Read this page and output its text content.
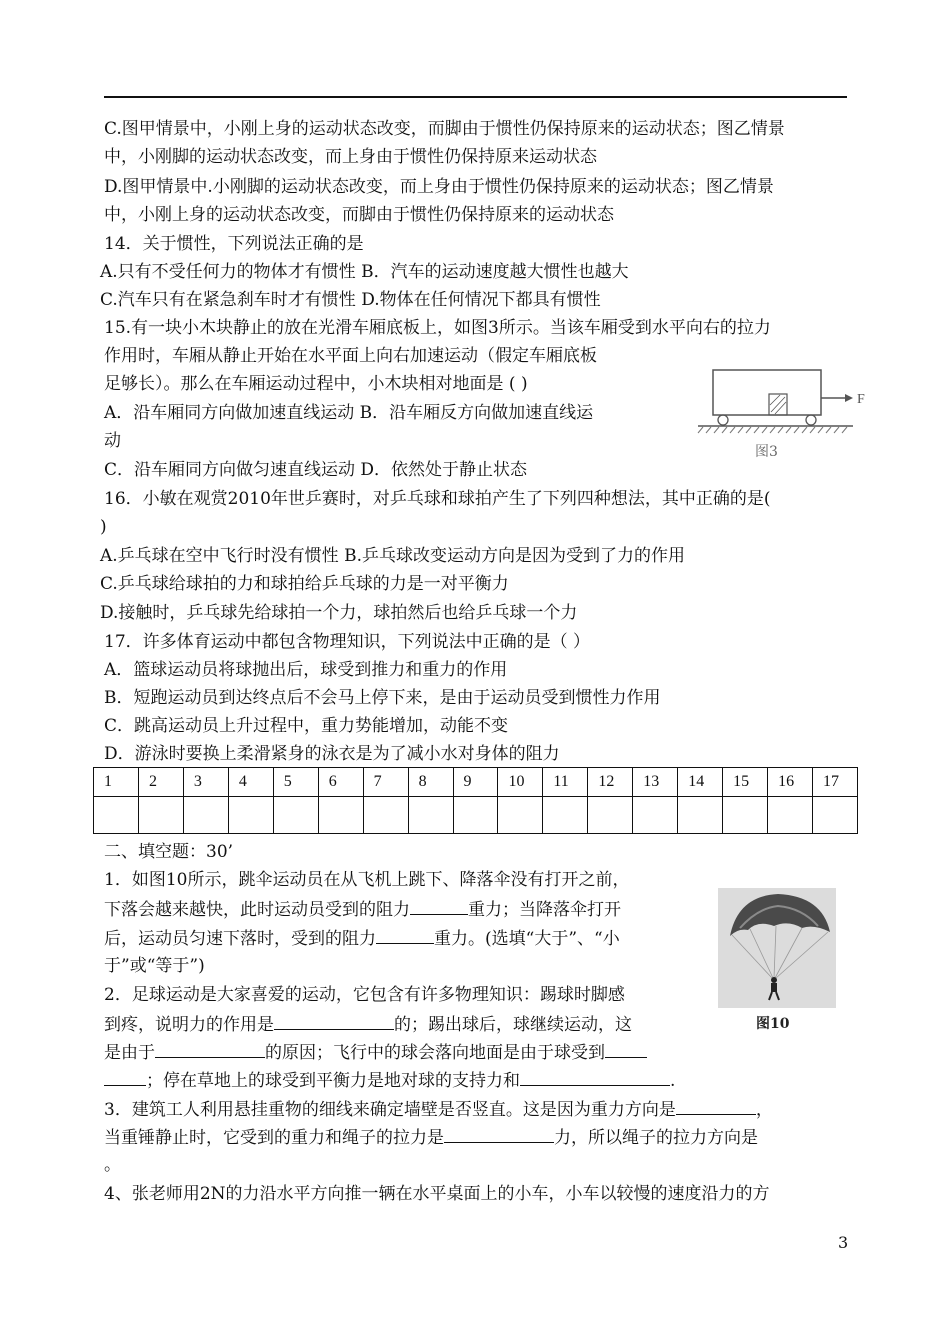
C.图甲情景中，小刚上身的运动状态改变，而脚由于惯性仍保持原来的运动状态；图乙情景
中，小刚脚的运动状态改变，而上身由于惯性仍保持原来运动状态
D.图甲情景中.小刚脚的运动状态改变，而上身由于惯性仍保持原来的运动状态；图乙情景
中，小刚上身的运动状态改变，而脚由于惯性仍保持原来的运动状态
14．关于惯性，下列说法正确的是
A.只有不受任何力的物体才有惯性 B．汽车的运动速度越大惯性也越大
C.汽车只有在紧急刹车时才有惯性 D.物体在任何情况下都具有惯性
15.有一块小木块静止的放在光滑车厢底板上，如图3所示。当该车厢受到水平向右的拉力
作用时，车厢从静止开始在水平面上向右加速运动（假定车厢底板
足够长）。那么在车厢运动过程中，小木块相对地面是 ( )
A．沿车厢同方向做加速直线运动 B．沿车厢反方向做加速直线运
动
C．沿车厢同方向做匀速直线运动 D．依然处于静止状态
F
图3
16．小敏在观赏2010年世乒赛时，对乒乓球和球拍产生了下列四种想法，其中正确的是(
)
A.乒乓球在空中飞行时没有惯性 B.乒乓球改变运动方向是因为受到了力的作用
C.乒乓球给球拍的力和球拍给乒乓球的力是一对平衡力
D.接触时，乒乓球先给球拍一个力，球拍然后也给乒乓球一个力
17．许多体育运动中都包含物理知识，下列说法中正确的是（ ）
A．篮球运动员将球抛出后，球受到推力和重力的作用
B．短跑运动员到达终点后不会马上停下来，是由于运动员受到惯性力作用
C．跳高运动员上升过程中，重力势能增加，动能不变
D．游泳时要换上柔滑紧身的泳衣是为了减小水对身体的阻力
1	2	3	4	5	6	7	8	9	10	11	12	13	14	15	16	17

二、填空题：30’
1．如图10所示，跳伞运动员在从飞机上跳下、降落伞没有打开之前，
下落会越来越快，此时运动员受到的阻力	重力；当降落伞打开
后，运动员匀速下落时，受到的阻力	重力。(选填“大于”、“小
于”或“等于”)
图10
2．足球运动是大家喜爱的运动，它包含有许多物理知识：踢球时脚感
到疼，说明力的作用是	的；踢出球后，球继续运动，这
是由于	的原因；飞行中的球会落向地面是由于球受到
；停在草地上的球受到平衡力是地对球的支持力和	.
3．建筑工人利用悬挂重物的细线来确定墙壁是否竖直。这是因为重力方向是	，
当重锤静止时，它受到的重力和绳子的拉力是	力，所以绳子的拉力方向是
。
4、张老师用2N的力沿水平方向推一辆在水平桌面上的小车，小车以较慢的速度沿力的方
3
